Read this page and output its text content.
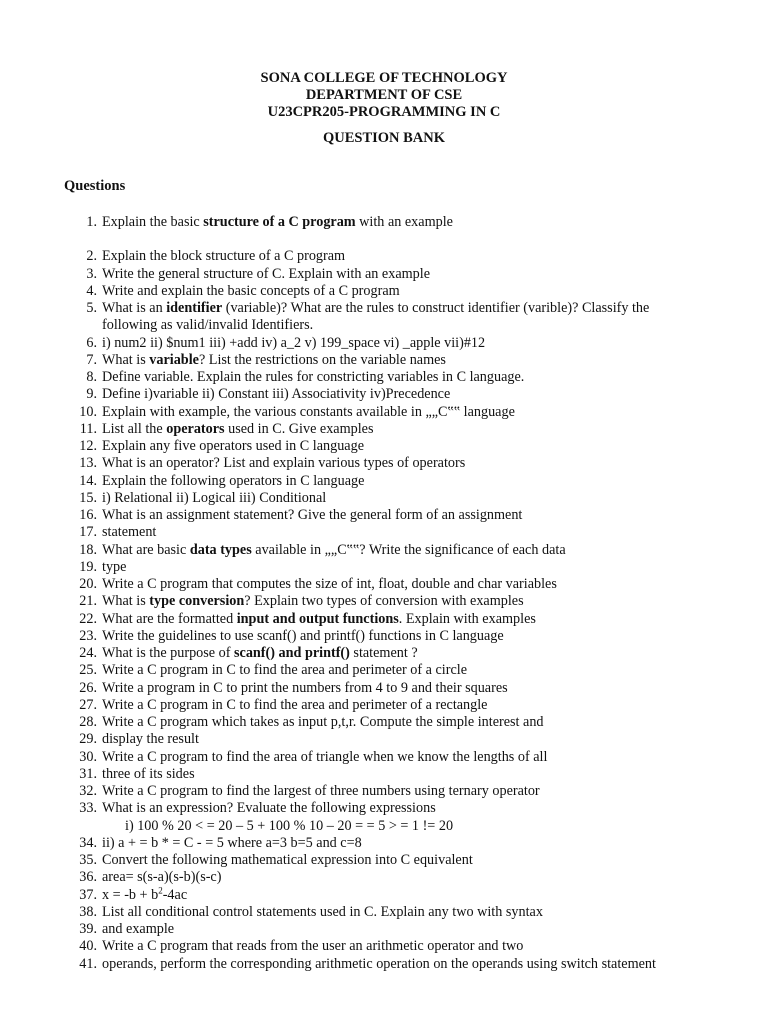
SONA COLLEGE OF TECHNOLOGY
DEPARTMENT OF CSE
U23CPR205-PROGRAMMING IN C
QUESTION BANK
Questions
1. Explain the basic structure of a C program with an example
2. Explain the block structure of a C program
3. Write the general structure of C. Explain with an example
4. Write and explain the basic concepts of a C program
5. What is an identifier (variable)? What are the rules to construct identifier (varible)? Classify the following as valid/invalid Identifiers.
6. i) num2 ii) $num1 iii) +add iv) a_2 v) 199_space vi) _apple vii)#12
7. What is variable? List the restrictions on the variable names
8. Define variable. Explain the rules for constricting variables in C language.
9. Define i)variable ii) Constant iii) Associativity iv)Precedence
10. Explain with example, the various constants available in „„C‟‟ language
11. List all the operators used in C. Give examples
12. Explain any five operators used in C language
13. What is an operator? List and explain various types of operators
14. Explain the following operators in C language
15. i) Relational ii) Logical iii) Conditional
16. What is an assignment statement? Give the general form of an assignment
17. statement
18. What are basic data types available in „„C‟‟? Write the significance of each data
19. type
20. Write a C program that computes the size of int, float, double and char variables
21. What is type conversion? Explain two types of conversion with examples
22. What are the formatted input and output functions. Explain with examples
23. Write the guidelines to use scanf() and printf() functions in C language
24. What is the purpose of scanf() and printf() statement ?
25. Write a C program in C to find the area and perimeter of a circle
26. Write a program in C to print the numbers from 4 to 9 and their squares
27. Write a C program in C to find the area and perimeter of a rectangle
28. Write a C program which takes as input p,t,r. Compute the simple interest and
29. display the result
30. Write a C program to find the area of triangle when we know the lengths of all
31. three of its sides
32. Write a C program to find the largest of three numbers using ternary operator
33. What is an expression? Evaluate the following expressions
i) 100 % 20 < = 20 – 5 + 100 % 10 – 20 = = 5 > = 1 != 20
34. ii) a + = b * = C - = 5 where a=3 b=5 and c=8
35. Convert the following mathematical expression into C equivalent
36. area= s(s-a)(s-b)(s-c)
37. $x = -b + b^2-4ac$
38. List all conditional control statements used in C. Explain any two with syntax
39. and example
40. Write a C program that reads from the user an arithmetic operator and two
41. operands, perform the corresponding arithmetic operation on the operands using switch statement
